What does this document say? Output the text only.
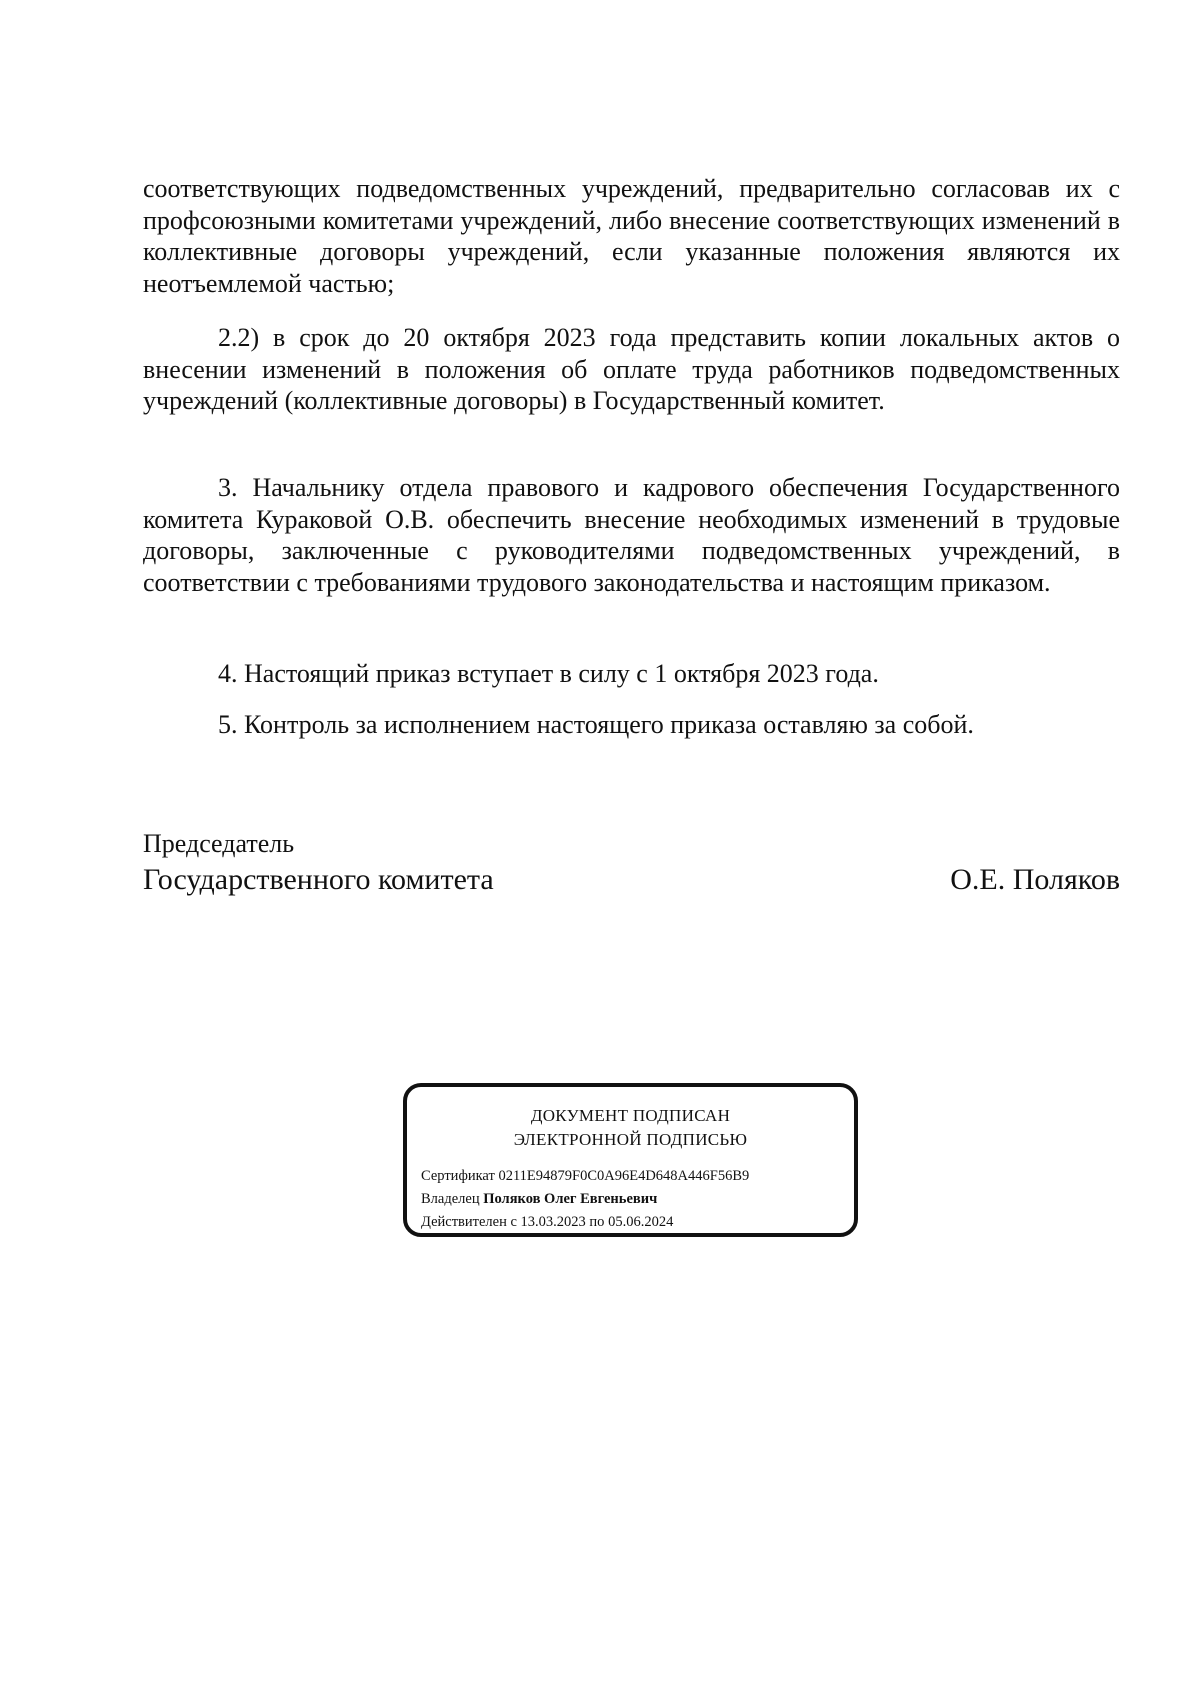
соответствующих подведомственных учреждений, предварительно согласовав их с профсоюзными комитетами учреждений, либо внесение соответствующих изменений в коллективные договоры учреждений, если указанные положения являются их неотъемлемой частью;

2.2) в срок до 20 октября 2023 года представить копии локальных актов о внесении изменений в положения об оплате труда работников подведомственных учреждений (коллективные договоры) в Государственный комитет.

3. Начальнику отдела правового и кадрового обеспечения Государственного комитета Кураковой О.В. обеспечить внесение необходимых изменений в трудовые договоры, заключенные с руководителями подведомственных учреждений, в соответствии с требованиями трудового законодательства и настоящим приказом.

4. Настоящий приказ вступает в силу с 1 октября 2023 года.

5. Контроль за исполнением настоящего приказа оставляю за собой.

Председатель
Государственного комитета	О.Е. Поляков
ДОКУМЕНТ ПОДПИСАН
ЭЛЕКТРОННОЙ ПОДПИСЬЮ
Сертификат 0211E94879F0C0A96E4D648A446F56B9
Владелец Поляков Олег Евгеньевич
Действителен с 13.03.2023 по 05.06.2024
